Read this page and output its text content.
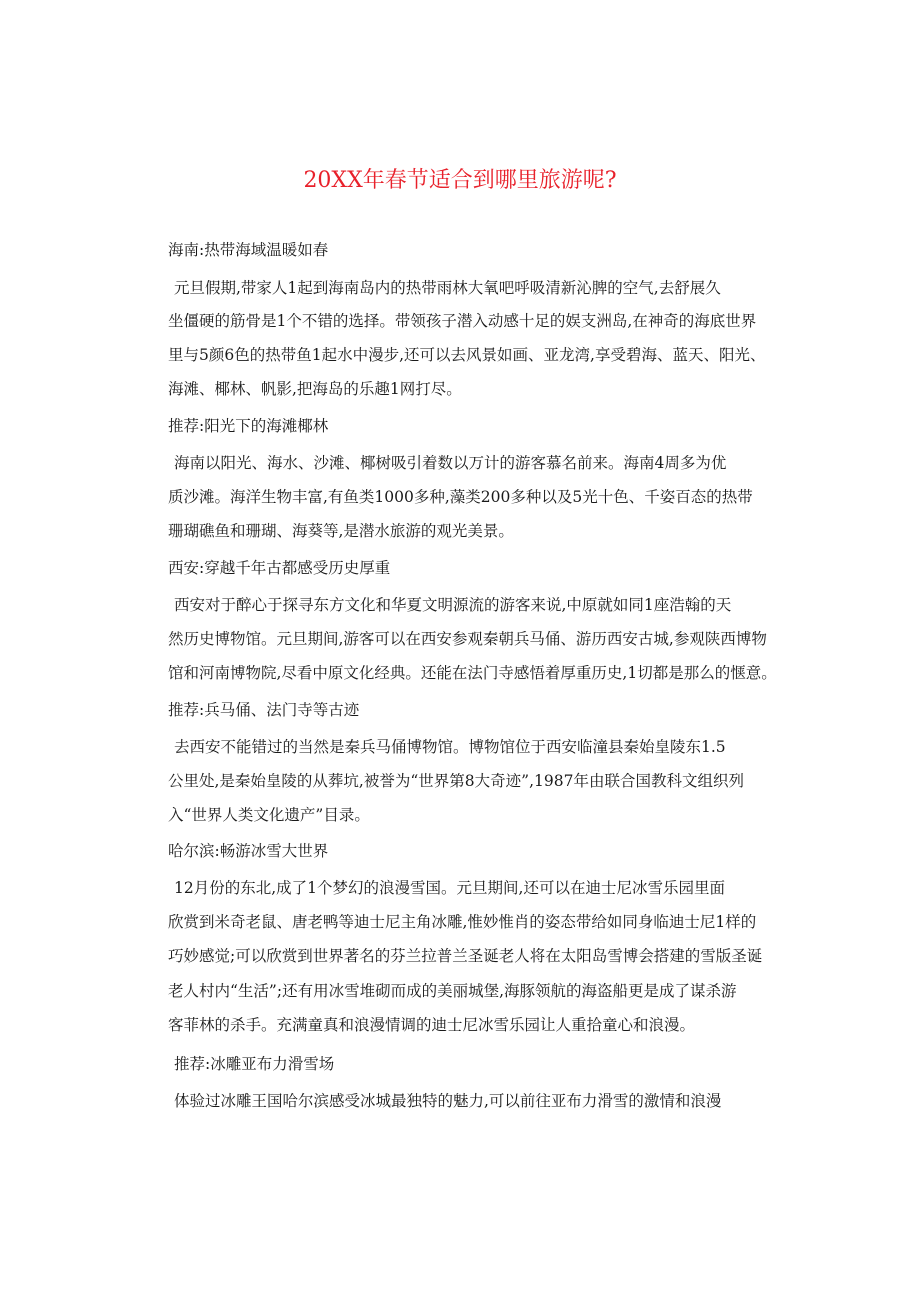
20XX年春节适合到哪里旅游呢?
海南:热带海域温暖如春
元旦假期,带家人1起到海南岛内的热带雨林大氧吧呼吸清新沁脾的空气,去舒展久
坐僵硬的筋骨是1个不错的选择。带领孩子潜入动感十足的娱支洲岛,在神奇的海底世界
里与5颜6色的热带鱼1起水中漫步,还可以去风景如画、亚龙湾,享受碧海、蓝天、阳光、
海滩、椰林、帆影,把海岛的乐趣1网打尽。
推荐:阳光下的海滩椰林
海南以阳光、海水、沙滩、椰树吸引着数以万计的游客慕名前来。海南4周多为优
质沙滩。海洋生物丰富,有鱼类1000多种,藻类200多种以及5光十色、千姿百态的热带
珊瑚礁鱼和珊瑚、海葵等,是潜水旅游的观光美景。
西安:穿越千年古都感受历史厚重
西安对于醉心于探寻东方文化和华夏文明源流的游客来说,中原就如同1座浩翰的天
然历史博物馆。元旦期间,游客可以在西安参观秦朝兵马俑、游历西安古城,参观陕西博物
馆和河南博物院,尽看中原文化经典。还能在法门寺感悟着厚重历史,1切都是那么的惬意。
推荐:兵马俑、法门寺等古迹
去西安不能错过的当然是秦兵马俑博物馆。博物馆位于西安临潼县秦始皇陵东1.5
公里处,是秦始皇陵的从葬坑,被誉为“世界第8大奇迹”,1987年由联合国教科文组织列
入“世界人类文化遗产”目录。
哈尔滨:畅游冰雪大世界
12月份的东北,成了1个梦幻的浪漫雪国。元旦期间,还可以在迪士尼冰雪乐园里面
欣赏到米奇老鼠、唐老鸭等迪士尼主角冰雕,惟妙惟肖的姿态带给如同身临迪士尼1样的
巧妙感觉;可以欣赏到世界著名的芬兰拉普兰圣诞老人将在太阳岛雪博会搭建的雪版圣诞
老人村内“生活”;还有用冰雪堆砌而成的美丽城堡,海豚领航的海盗船更是成了谋杀游
客菲林的杀手。充满童真和浪漫情调的迪士尼冰雪乐园让人重拾童心和浪漫。
推荐:冰雕亚布力滑雪场
体验过冰雕王国哈尔滨感受冰城最独特的魅力,可以前往亚布力滑雪的激情和浪漫
